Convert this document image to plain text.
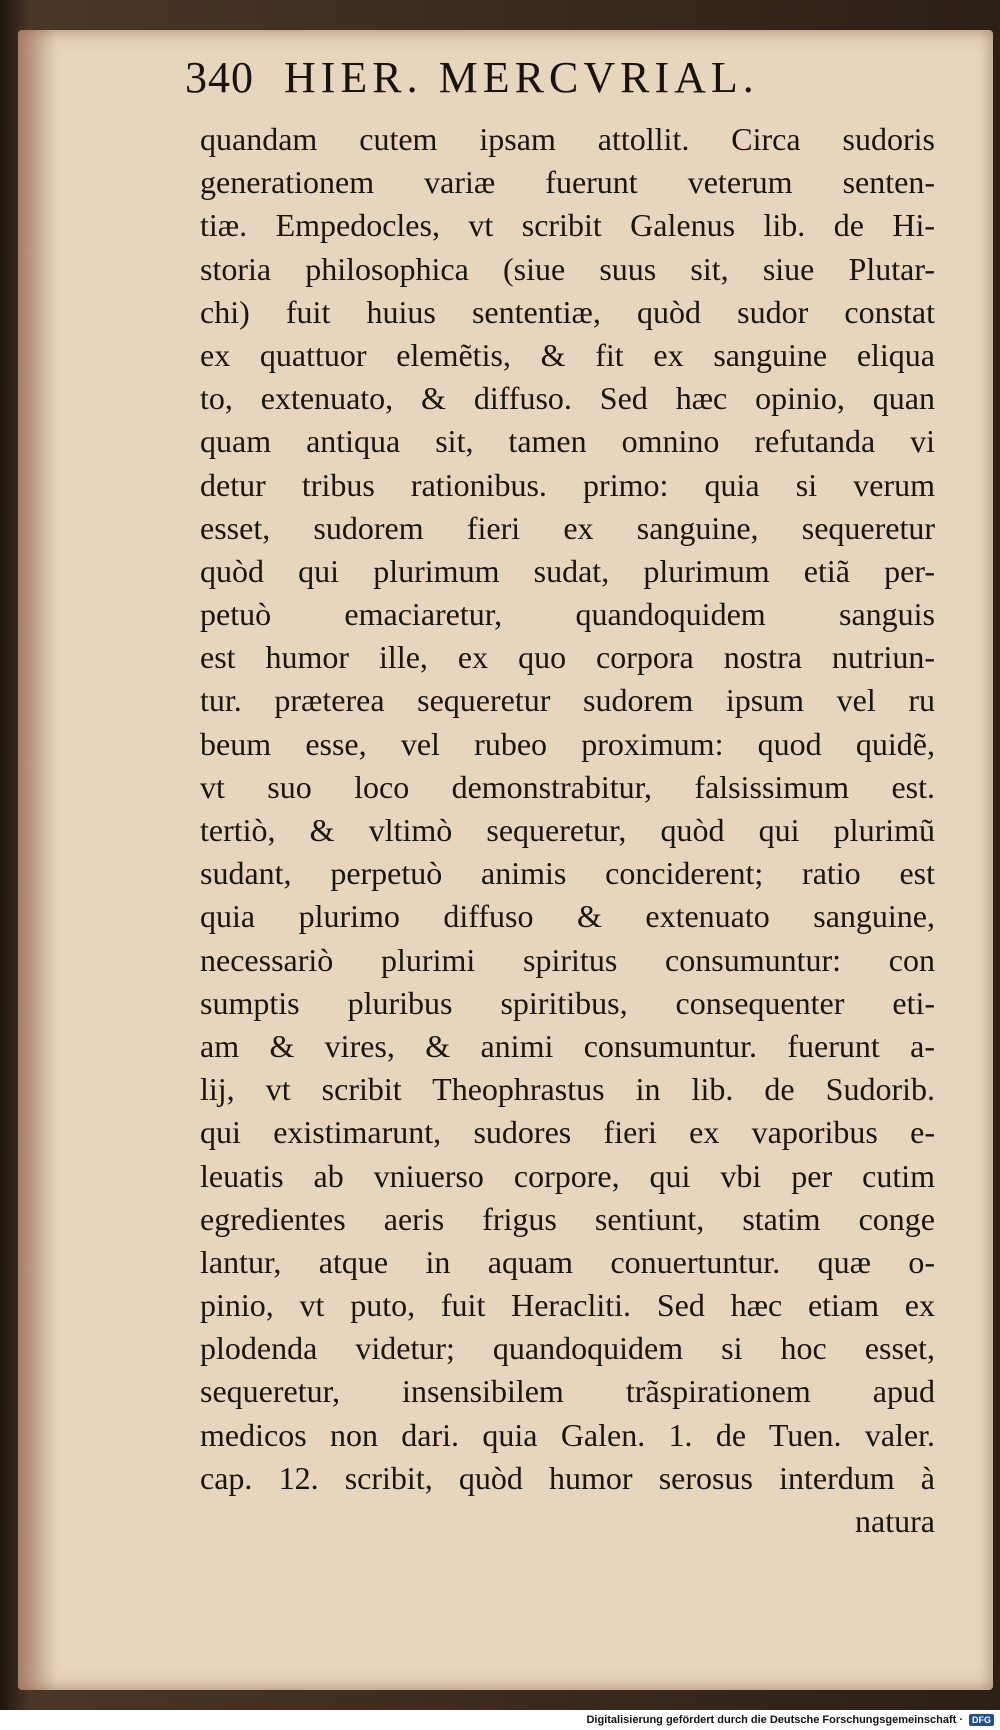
340 HIER. MERCVRIAL.
quandam cutem ipsam attollit. Circa sudoris
generationem variæ fuerunt veterum senten-
tiæ. Empedocles, vt scribit Galenus lib. de Hi-
storia philosophica (siue suus sit, siue Plutar-
chi) fuit huius sententiæ, quòd sudor constat
ex quattuor elemẽtis, & fit ex sanguine eliqua
to, extenuato, & diffuso. Sed hæc opinio, quan
quam antiqua sit, tamen omnino refutanda vi
detur tribus rationibus. primo: quia si verum
esset, sudorem fieri ex sanguine, sequeretur
quòd qui plurimum sudat, plurimum etiã per-
petuò emaciaretur, quandoquidem sanguis
est humor ille, ex quo corpora nostra nutriun-
tur. præterea sequeretur sudorem ipsum vel ru
beum esse, vel rubeo proximum: quod quidẽ,
vt suo loco demonstrabitur, falsissimum est.
tertiò, & vltimò sequeretur, quòd qui plurimũ
sudant, perpetuò animis conciderent; ratio est
quia plurimo diffuso & extenuato sanguine,
necessariò plurimi spiritus consumuntur: con
sumptis pluribus spiritibus, consequenter eti-
am & vires, & animi consumuntur. fuerunt a-
lij, vt scribit Theophrastus in lib. de Sudorib.
qui existimarunt, sudores fieri ex vaporibus e-
leuatis ab vniuerso corpore, qui vbi per cutim
egredientes aeris frigus sentiunt, statim conge
lantur, atque in aquam conuertuntur. quæ o-
pinio, vt puto, fuit Heracliti. Sed hæc etiam ex
plodenda videtur; quandoquidem si hoc esset,
sequeretur, insensibilem trãspirationem apud
medicos non dari. quia Galen. 1. de Tuen. valer.
cap. 12. scribit, quòd humor serosus interdum à
natura
Digitalisierung gefördert durch die Deutsche Forschungsgemeinschaft ·	DFG
